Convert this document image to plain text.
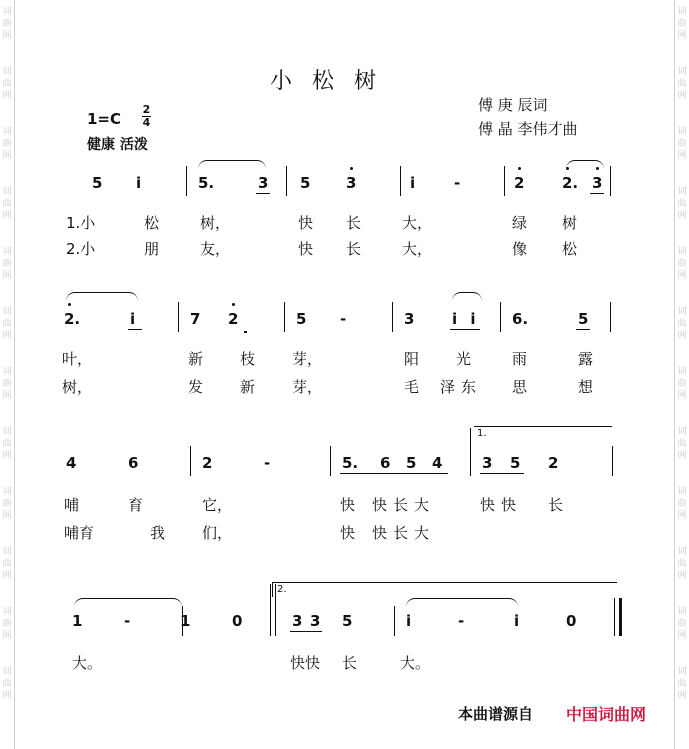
词曲网
词曲网
词曲网
词曲网
词曲网
词曲网
词曲网
词曲网
词曲网
词曲网
词曲网
词曲网
词曲网
词曲网
词曲网
词曲网
词曲网
词曲网
词曲网
词曲网
词曲网
词曲网
词曲网
词曲网
小松树
傅 庚 辰词
傅 晶 李伟才曲
1=C
2
4
健康 活泼
5 i	5.	3 5 3	i	-	2	2. 3
1.小	松	树，	快 长	大，	绿 树
2.小	朋	友，	快 长	大，	像 松
2.	i	7 2	5 -	3	i i 6.	5
叶，	新 枝 芽，	阳 光	雨	露
树，	发 新 芽，	毛 泽东 思	想
1.
4	6	2	-	5. 6 5 4	3 5 2
哺	育	它，	快 快长大	快快 长
哺育	我 们，	快 快长大
2.
1	-	1	0	3 3 5	i	-	i	0
大。	快快 长	大。
本曲谱源自 中国词曲网
